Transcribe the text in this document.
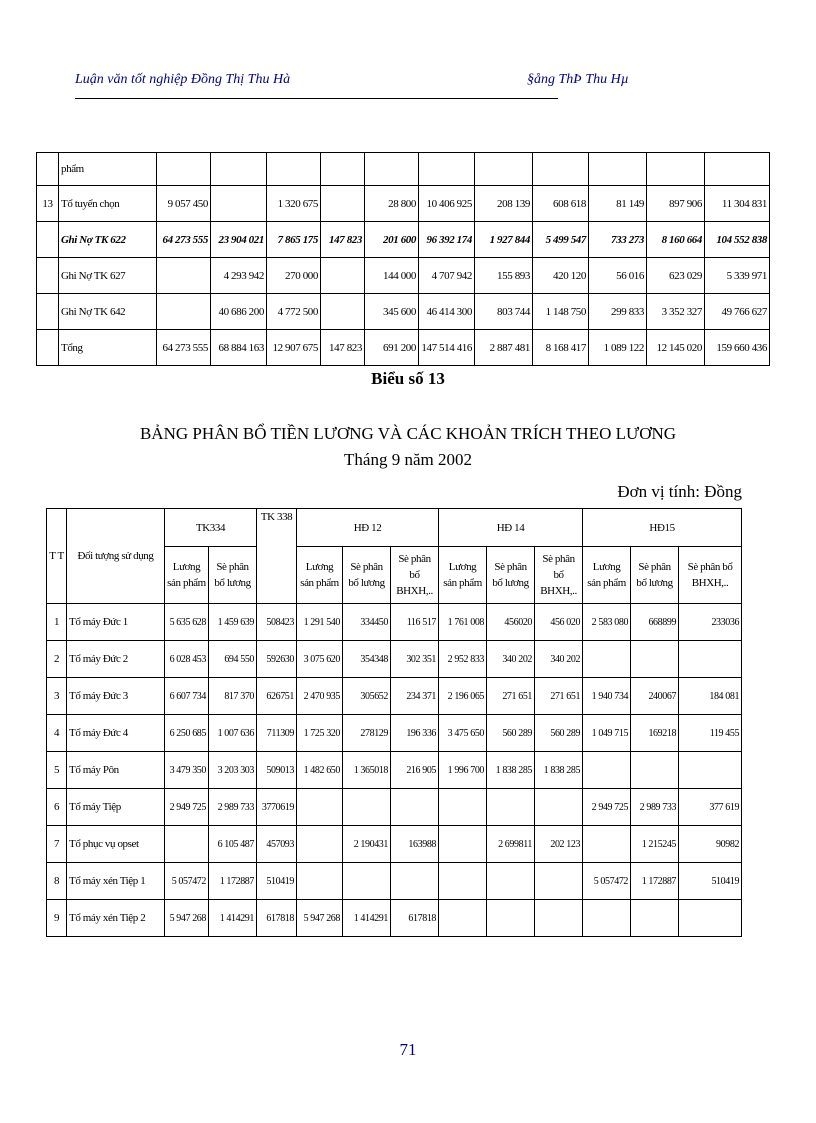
Luận văn tốt nghiệp Đồng Thị Thu Hà	§ång ThÞ Thu Hµ
	phẩm											
13	Tổ tuyển chọn	9 057 450		1 320 675		28 800	10 406 925	208 139	608 618	81 149	897 906	11 304 831
	Ghi Nợ TK 622	64 273 555	23 904 021	7 865 175	147 823	201 600	96 392 174	1 927 844	5 499 547	733 273	8 160 664	104 552 838
	Ghi Nợ TK 627		4 293 942	270 000		144 000	4 707 942	155 893	420 120	56 016	623 029	5 339 971
	Ghi Nợ TK 642		40 686 200	4 772 500		345 600	46 414 300	803 744	1 148 750	299 833	3 352 327	49 766 627
	Tổng	64 273 555	68 884 163	12 907 675	147 823	691 200	147 514 416	2 887 481	8 168 417	1 089 122	12 145 020	159 660 436
Biểu số 13
BẢNG PHÂN BỔ TIỀN LƯƠNG VÀ CÁC KHOẢN TRÍCH THEO LƯƠNG
Tháng 9 năm 2002
Đơn vị tính: Đồng
T T	Đối tượng sử dụng	TK334		TK 338	HĐ 12			HĐ 14			HĐ15		
		Lương sản phẩm	Sè phân bổ lương		Lương sản phẩm	Sè phân bổ lương	Sè phân bổ BHXH,..	Lương sản phẩm	Sè phân bổ lương	Sè phân bổ BHXH,..	Lương sản phẩm	Sè phân bổ lương	Sè phân bổ BHXH,..
1	Tổ máy Đức 1	5 635 628	1 459 639	508423	1 291 540	334450	116 517	1 761 008	456020	456 020	2 583 080	668899	233036
2	Tổ máy Đức 2	6 028 453	694 550	592630	3 075 620	354348	302 351	2 952 833	340 202	340 202			
3	Tổ máy Đức 3	6 607 734	817 370	626751	2 470 935	305652	234 371	2 196 065	271 651	271 651	1 940 734	240067	184 081
4	Tổ máy Đức 4	6 250 685	1 007 636	711309	1 725 320	278129	196 336	3 475 650	560 289	560 289	1 049 715	169218	119 455
5	Tổ máy Pôn	3 479 350	3 203 303	509013	1 482 650	1 365018	216 905	1 996 700	1 838 285	1 838 285			
6	Tổ máy Tiệp	2 949 725	2 989 733	3770619							2 949 725	2 989 733	377 619
7	Tổ phục vụ opset		6 105 487	457093		2 190431	163988		2 699811	202 123		1 215245	90982
8	Tổ máy xén Tiệp 1	5 057472	1 172887	510419							5 057472	1 172887	510419
9	Tổ máy xén Tiệp 2	5 947 268	1 414291	617818	5 947 268	1 414291	617818						
71
